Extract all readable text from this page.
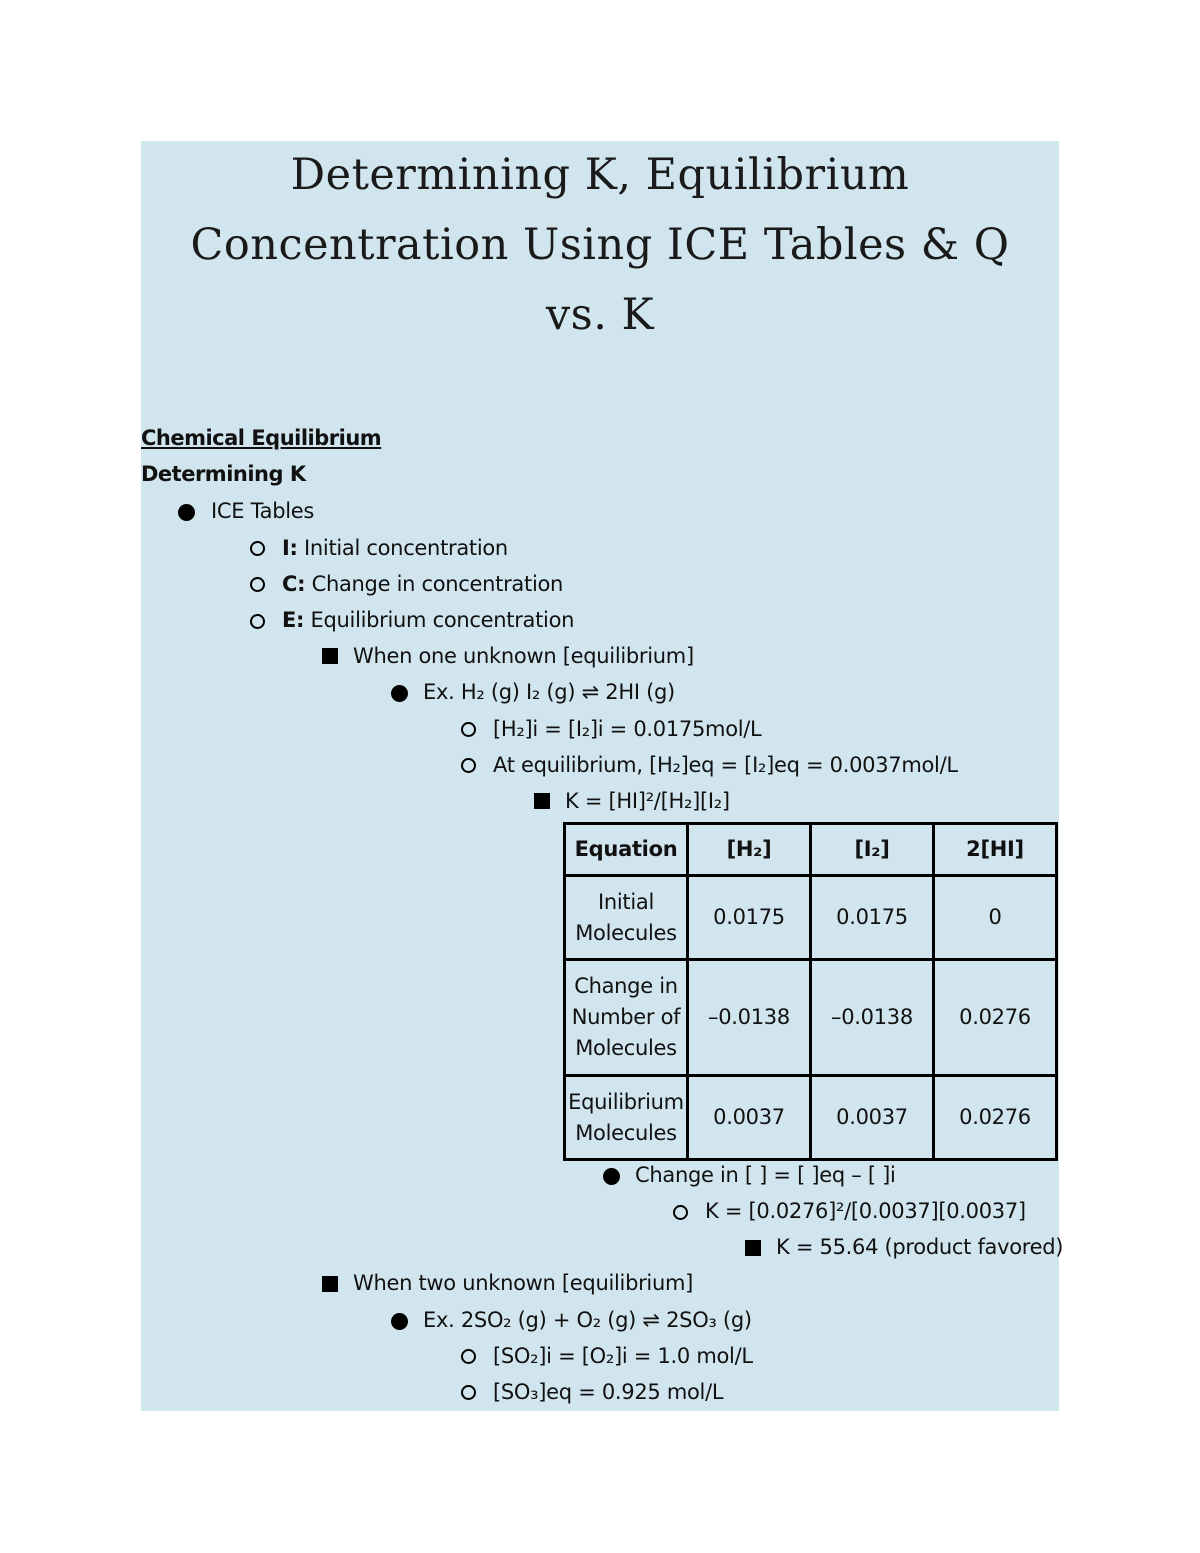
Determining K, Equilibrium
Concentration Using ICE Tables & Q
vs. K
Chemical Equilibrium
Determining K
ICE Tables
I: Initial concentration
C: Change in concentration
E: Equilibrium concentration
When one unknown [equilibrium]
Ex. H₂ (g) I₂ (g) ⇌ 2HI (g)
[H₂]i = [I₂]i = 0.0175mol/L
At equilibrium, [H₂]eq = [I₂]eq = 0.0037mol/L
K = [HI]²/[H₂][I₂]
Equation	[H₂]	[I₂]	2[HI]

Initial
Molecules	0.0175	0.0175	0

Change in
Number of
Molecules	–0.0138	–0.0138	0.0276

Equilibrium
Molecules	0.0037	0.0037	0.0276
Change in [ ] = [ ]eq – [ ]i
K = [0.0276]²/[0.0037][0.0037]
K = 55.64 (product favored)
When two unknown [equilibrium]
Ex. 2SO₂ (g) + O₂ (g) ⇌ 2SO₃ (g)
[SO₂]i = [O₂]i = 1.0 mol/L
[SO₃]eq = 0.925 mol/L
